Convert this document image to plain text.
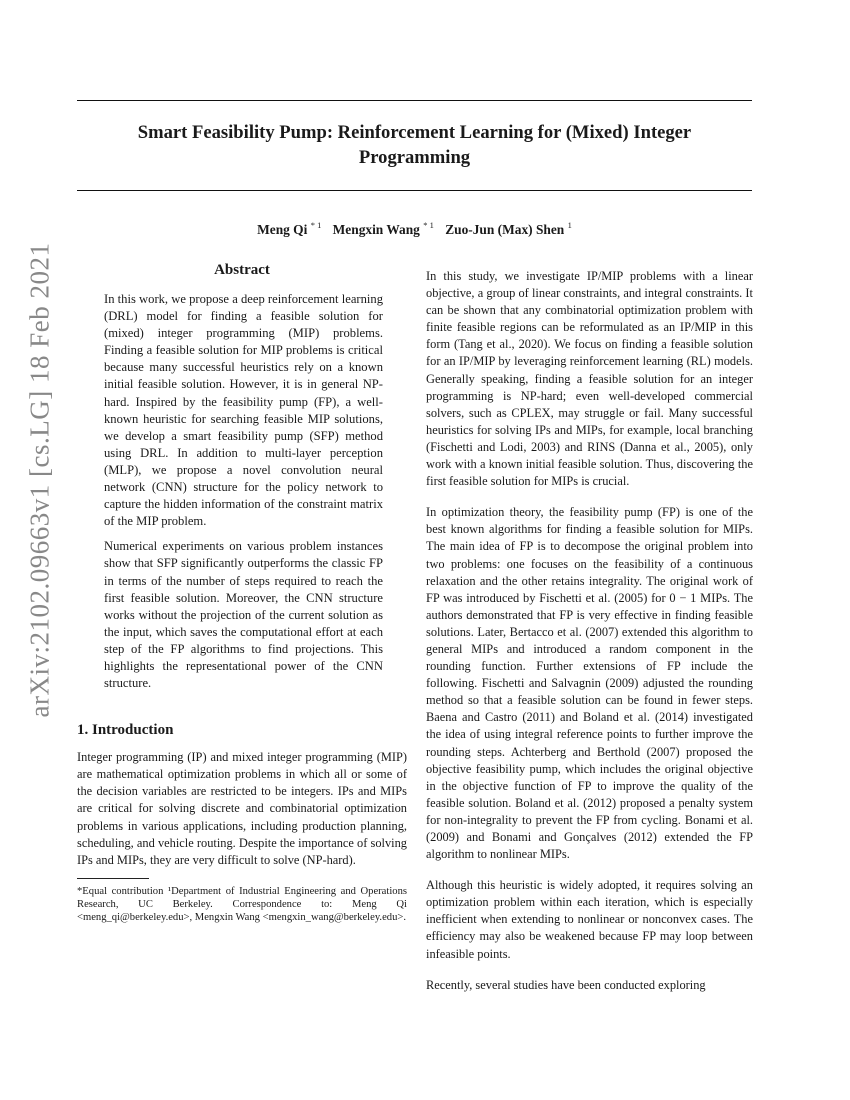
Smart Feasibility Pump: Reinforcement Learning for (Mixed) Integer
Programming
Meng Qi $^{* 1}$ Mengxin Wang $^{* 1}$ Zuo-Jun (Max) Shen $^1$
arXiv:2102.09663v1 [cs.LG] 18 Feb 2021	Abstract

In this work, we propose a deep reinforcement learning (DRL) model for finding a feasible solution for (mixed) integer programming (MIP) problems. Finding a feasible solution for MIP problems is critical because many successful heuristics rely on a known initial feasible solution. However, it is in general NP-hard. Inspired by the feasibility pump (FP), a well-known heuristic for searching feasible MIP solutions, we develop a smart feasibility pump (SFP) method using DRL. In addition to multi-layer perception (MLP), we propose a novel convolution neural network (CNN) structure for the policy network to capture the hidden information of the constraint matrix of the MIP problem.

Numerical experiments on various problem instances show that SFP significantly outperforms the classic FP in terms of the number of steps required to reach the first feasible solution. Moreover, the CNN structure works without the projection of the current solution as the input, which saves the computational effort at each step of the FP algorithms to find projections. This highlights the representational power of the CNN structure.

1. Introduction

Integer programming (IP) and mixed integer programming (MIP) are mathematical optimization problems in which all or some of the decision variables are restricted to be integers. IPs and MIPs are critical for solving discrete and combinatorial optimization problems in various applications, including production planning, scheduling, and vehicle routing. Despite the importance of solving IPs and MIPs, they are very difficult to solve (NP-hard).

*Equal contribution ¹Department of Industrial Engineering and Operations Research, UC Berkeley. Correspondence to: Meng Qi <meng_qi@berkeley.edu>, Mengxin Wang <mengxin_wang@berkeley.edu>.

In this study, we investigate IP/MIP problems with a linear objective, a group of linear constraints, and integral constraints. It can be shown that any combinatorial optimization problem with finite feasible regions can be reformulated as an IP/MIP in this form (Tang et al., 2020). We focus on finding a feasible solution for an IP/MIP by leveraging reinforcement learning (RL) models. Generally speaking, finding a feasible solution for an integer programming is NP-hard; even well-developed commercial solvers, such as CPLEX, may struggle or fail. Many successful heuristics for solving IPs and MIPs, for example, local branching (Fischetti and Lodi, 2003) and RINS (Danna et al., 2005), only work with a known initial feasible solution. Thus, discovering the first feasible solution for MIPs is crucial.

In optimization theory, the feasibility pump (FP) is one of the best known algorithms for finding a feasible solution for MIPs. The main idea of FP is to decompose the original problem into two problems: one focuses on the feasibility of a continuous relaxation and the other retains integrality. The original work of FP was introduced by Fischetti et al. (2005) for 0 − 1 MIPs. The authors demonstrated that FP is very effective in finding feasible solutions. Later, Bertacco et al. (2007) extended this algorithm to general MIPs and introduced a random component in the rounding function. Further extensions of FP include the following. Fischetti and Salvagnin (2009) adjusted the rounding method so that a feasible solution can be found in fewer steps. Baena and Castro (2011) and Boland et al. (2014) investigated the idea of using integral reference points to further improve the rounding steps. Achterberg and Berthold (2007) proposed the objective feasibility pump, which includes the original objective in the objective function of FP to improve the quality of the feasible solution. Boland et al. (2012) proposed a penalty system for non-integrality to prevent the FP from cycling. Bonami et al. (2009) and Bonami and Gonçalves (2012) extended the FP algorithm to nonlinear MIPs.

Although this heuristic is widely adopted, it requires solving an optimization problem within each iteration, which is especially inefficient when extending to nonlinear or nonconvex cases. The efficiency may also be weakened because FP may loop between infeasible points.

Recently, several studies have been conducted exploring
